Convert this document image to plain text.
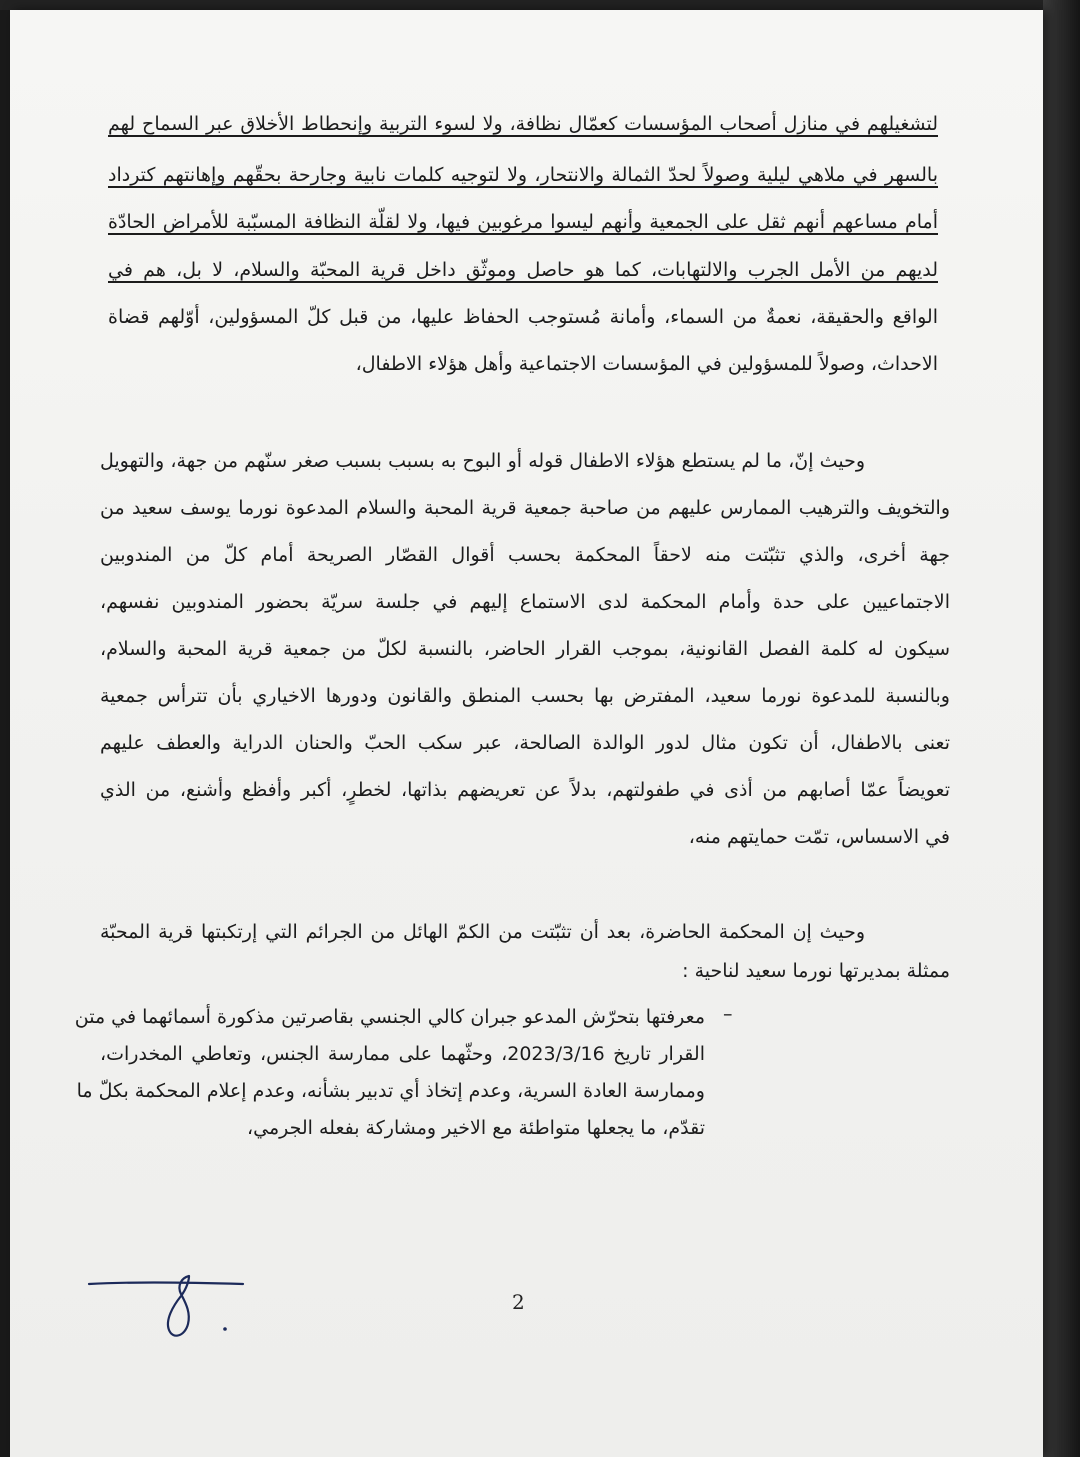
لتشغيلهم في منازل أصحاب المؤسسات كعمّال نظافة، ولا لسوء التربية وإنحطاط الأخلاق عبر السماح لهم
بالسهر في ملاهي ليلية وصولاً لحدّ الثمالة والانتحار، ولا لتوجيه كلمات نابية وجارحة بحقّهم وإهانتهم كترداد
أمام مساعهم أنهم ثقل على الجمعية وأنهم ليسوا مرغوبين فيها، ولا لقلّة النظافة المسبّبة للأمراض الحادّة
لديهم من الأمل الجرب والالتهابات، كما هو حاصل وموثّق داخل قرية المحبّة والسلام، لا بل، هم في
الواقع والحقيقة، نعمةٌ من السماء، وأمانة مُستوجب الحفاظ عليها، من قبل كلّ المسؤولين، أوّلهم قضاة
الاحداث، وصولاً للمسؤولين في المؤسسات الاجتماعية وأهل هؤلاء الاطفال،
وحيث إنّ، ما لم يستطع هؤلاء الاطفال قوله أو البوح به بسبب بسبب صغر سنّهم من جهة، والتهويل
والتخويف والترهيب الممارس عليهم من صاحبة جمعية قرية المحبة والسلام المدعوة نورما يوسف سعيد من
جهة أخرى، والذي تثبّتت منه لاحقاً المحكمة بحسب أقوال القصّار الصريحة أمام كلّ من المندوبين
الاجتماعيين على حدة وأمام المحكمة لدى الاستماع إليهم في جلسة سريّة بحضور المندوبين نفسهم،
سيكون له كلمة الفصل القانونية، بموجب القرار الحاضر، بالنسبة لكلّ من جمعية قرية المحبة والسلام،
وبالنسبة للمدعوة نورما سعيد، المفترض بها بحسب المنطق والقانون ودورها الاخياري بأن تترأس جمعية
تعنى بالاطفال، أن تكون مثال لدور الوالدة الصالحة، عبر سكب الحبّ والحنان الدراية والعطف عليهم
تعويضاً عمّا أصابهم من أذى في طفولتهم، بدلاً عن تعريضهم بذاتها، لخطرٍ، أكبر وأفظع وأشنع، من الذي
في الاسساس، تمّت حمايتهم منه،
وحيث إن المحكمة الحاضرة، بعد أن تثبّتت من الكمّ الهائل من الجرائم التي إرتكبتها قرية المحبّة
ممثلة بمديرتها نورما سعيد لناحية :
–
معرفتها بتحرّش المدعو جبران كالي الجنسي بقاصرتين مذكورة أسمائهما في متن
القرار تاريخ 2023/3/16، وحثّهما على ممارسة الجنس، وتعاطي المخدرات،
وممارسة العادة السرية، وعدم إتخاذ أي تدبير بشأنه، وعدم إعلام المحكمة بكلّ ما
تقدّم، ما يجعلها متواطئة مع الاخير ومشاركة بفعله الجرمي،
2
